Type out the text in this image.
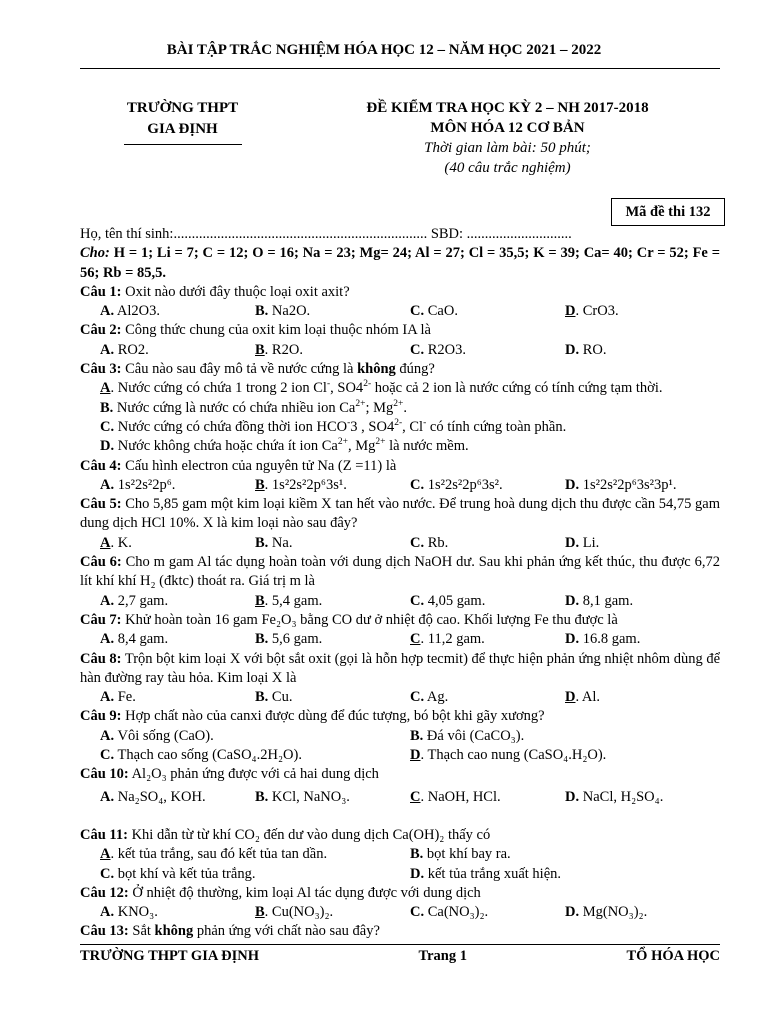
BÀI TẬP TRẮC NGHIỆM HÓA HỌC 12 – NĂM HỌC 2021 – 2022
TRƯỜNG THPT
GIA ĐỊNH
ĐỀ KIỂM TRA HỌC KỲ 2 – NH 2017-2018
MÔN HÓA 12 CƠ BẢN
Thời gian làm bài: 50 phút;
(40 câu trắc nghiệm)
Mã đề thi 132
Họ, tên thí sinh:...................................................................... SBD: .............................
Cho: H = 1; Li = 7; C = 12; O = 16; Na = 23; Mg= 24; Al = 27; Cl = 35,5; K = 39; Ca= 40; Cr = 52; Fe = 56; Rb = 85,5.
Câu 1: Oxit nào dưới đây thuộc loại oxit axit?
A. Al2O3.	B. Na2O.	C. CaO.	D. CrO3.
Câu 2: Công thức chung của oxit kim loại thuộc nhóm IA là
A. RO2.	B. R2O.	C. R2O3.	D. RO.
Câu 3: Câu nào sau đây mô tả về nước cứng là không đúng?
A. Nước cứng có chứa 1 trong 2 ion Cl-, $SO4^{2-}$ hoặc cả 2 ion là nước cứng có tính cứng tạm thời.
B. Nước cứng là nước có chứa nhiều ion $Ca^{2+}$; $Mg^{2+}$.
C. Nước cứng có chứa đồng thời ion HCO-3 , $SO4^{2-}$, Cl- có tính cứng toàn phần.
D. Nước không chứa hoặc chứa ít ion $Ca^{2+}$, $Mg^{2+}$ là nước mềm.
Câu 4: Cấu hình electron của nguyên tử Na (Z =11) là
A. 1s²2s²2p⁶.	B. 1s²2s²2p⁶3s¹.	C. 1s²2s²2p⁶3s².	D. 1s²2s²2p⁶3s²3p¹.
Câu 5: Cho 5,85 gam một kim loại kiềm X tan hết vào nước. Để trung hoà dung dịch thu được cần 54,75 gam dung dịch HCl 10%. X là kim loại nào sau đây?
A. K.	B. Na.	C. Rb.	D. Li.
Câu 6: Cho m gam Al tác dụng hoàn toàn với dung dịch NaOH dư. Sau khi phản ứng kết thúc, thu được 6,72 lít khí khí H₂ (đktc) thoát ra. Giá trị m là
A. 2,7 gam.	B. 5,4 gam.	C. 4,05 gam.	D. 8,1 gam.
Câu 7: Khử hoàn toàn 16 gam Fe₂O₃ bằng CO dư ở nhiệt độ cao. Khối lượng Fe thu được là
A. 8,4 gam.	B. 5,6 gam.	C. 11,2 gam.	D. 16.8 gam.
Câu 8: Trộn bột kim loại X với bột sắt oxit (gọi là hỗn hợp tecmit) để thực hiện phản ứng nhiệt nhôm dùng để hàn đường ray tàu hỏa. Kim loại X là
A. Fe.	B. Cu.	C. Ag.	D. Al.
Câu 9: Hợp chất nào của canxi được dùng để đúc tượng, bó bột khi gãy xương?
A. Vôi sống (CaO).	B. Đá vôi (CaCO₃).
C. Thạch cao sống (CaSO₄.2H₂O).	D. Thạch cao nung (CaSO₄.H₂O).
Câu 10: Al₂O₃ phản ứng được với cả hai dung dịch
A. Na₂SO₄, KOH.	B. KCl, NaNO₃.	C. NaOH, HCl.	D. NaCl, H₂SO₄.
Câu 11: Khi dẫn từ từ khí CO₂ đến dư vào dung dịch Ca(OH)₂ thấy có
A. kết tủa trắng, sau đó kết tủa tan dần.	B. bọt khí bay ra.
C. bọt khí và kết tủa trắng.	D. kết tủa trắng xuất hiện.
Câu 12: Ở nhiệt độ thường, kim loại Al tác dụng được với dung dịch
A. KNO₃.	B. Cu(NO₃)₂.	C. Ca(NO₃)₂.	D. Mg(NO₃)₂.
Câu 13: Sắt không phản ứng với chất nào sau đây?
TRƯỜNG THPT GIA ĐỊNH	Trang 1	TỔ HÓA HỌC
